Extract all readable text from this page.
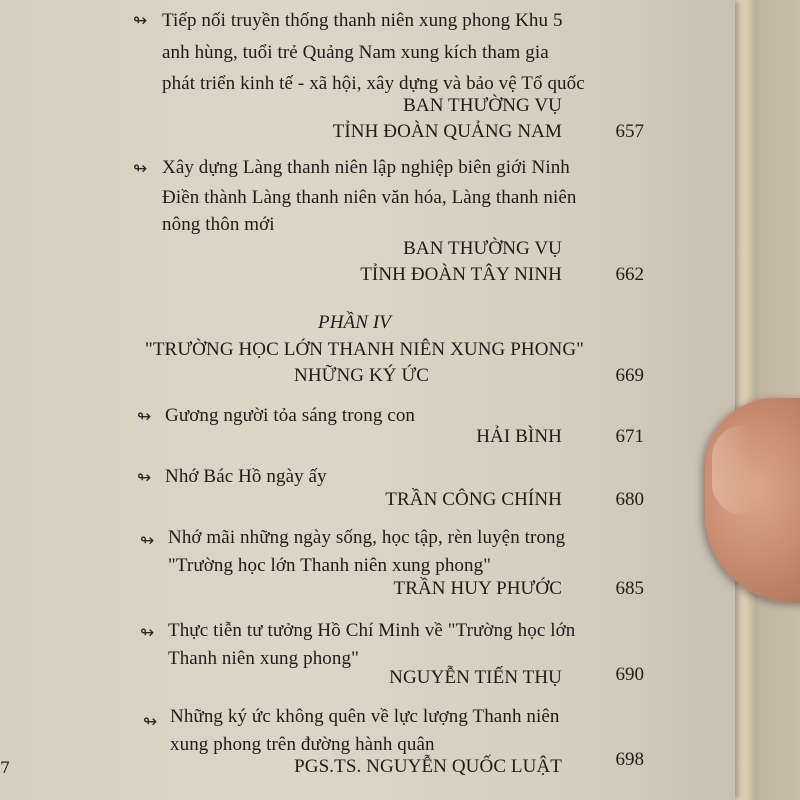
↬ Tiếp nối truyền thống thanh niên xung phong Khu 5
anh hùng, tuổi trẻ Quảng Nam xung kích tham gia
phát triển kinh tế - xã hội, xây dựng và bảo vệ Tổ quốc
BAN THƯỜNG VỤ
TỈNH ĐOÀN QUẢNG NAM	657
↬ Xây dựng Làng thanh niên lập nghiệp biên giới Ninh
Điền thành Làng thanh niên văn hóa, Làng thanh niên
nông thôn mới
BAN THƯỜNG VỤ
TỈNH ĐOÀN TÂY NINH	662
PHẦN IV
"TRƯỜNG HỌC LỚN THANH NIÊN XUNG PHONG"
NHỮNG KÝ ỨC	669
↬ Gương người tỏa sáng trong con
HẢI BÌNH	671
↬ Nhớ Bác Hồ ngày ấy
TRẦN CÔNG CHÍNH	680
↬ Nhớ mãi những ngày sống, học tập, rèn luyện trong
"Trường học lớn Thanh niên xung phong"
TRẦN HUY PHƯỚC	685
↬ Thực tiễn tư tưởng Hồ Chí Minh về "Trường học lớn
Thanh niên xung phong"
NGUYỄN TIẾN THỤ	690
↬ Những ký ức không quên về lực lượng Thanh niên
xung phong trên đường hành quân
PGS.TS. NGUYỄN QUỐC LUẬT	698
7
